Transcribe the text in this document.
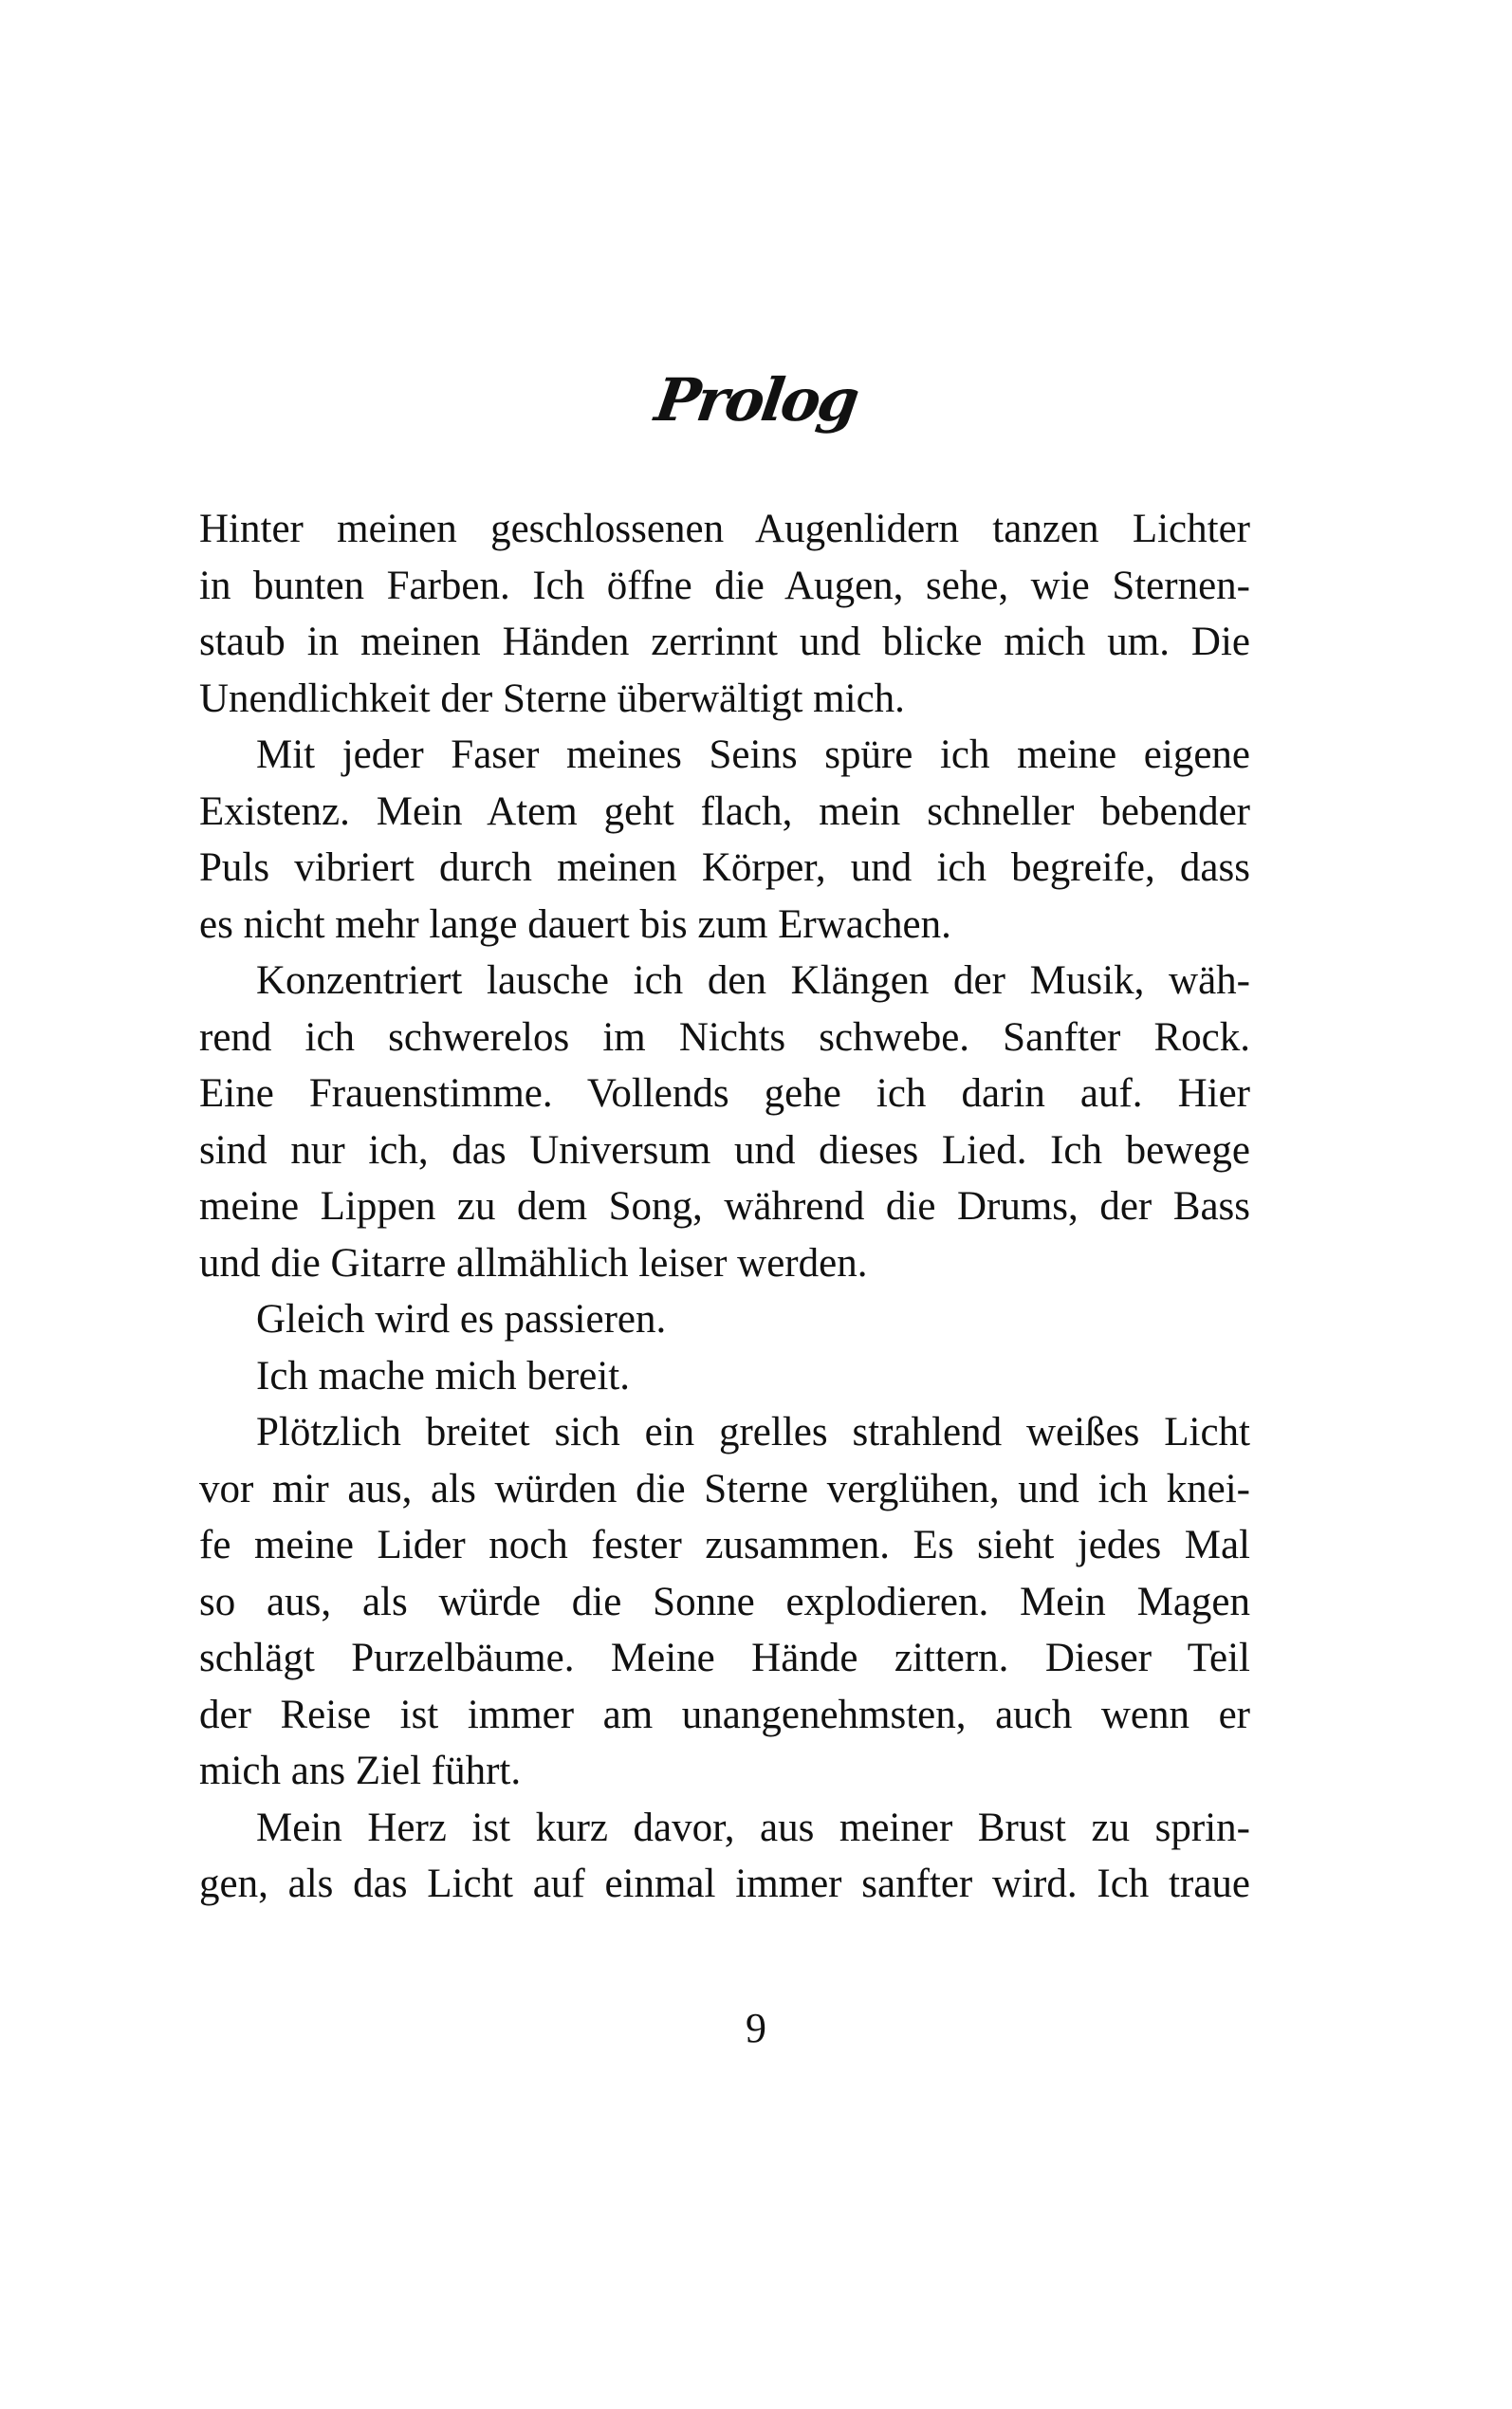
Prolog
Hinter meinen geschlossenen Augenlidern tanzen Lichter
in bunten Farben. Ich öffne die Augen, sehe, wie Sternen-
staub in meinen Händen zerrinnt und blicke mich um. Die
Unendlichkeit der Sterne überwältigt mich.
Mit jeder Faser meines Seins spüre ich meine eigene
Existenz. Mein Atem geht flach, mein schneller bebender
Puls vibriert durch meinen Körper, und ich begreife, dass
es nicht mehr lange dauert bis zum Erwachen.
Konzentriert lausche ich den Klängen der Musik, wäh-
rend ich schwerelos im Nichts schwebe. Sanfter Rock.
Eine Frauenstimme. Vollends gehe ich darin auf. Hier
sind nur ich, das Universum und dieses Lied. Ich bewege
meine Lippen zu dem Song, während die Drums, der Bass
und die Gitarre allmählich leiser werden.
Gleich wird es passieren.
Ich mache mich bereit.
Plötzlich breitet sich ein grelles strahlend weißes Licht
vor mir aus, als würden die Sterne verglühen, und ich knei-
fe meine Lider noch fester zusammen. Es sieht jedes Mal
so aus, als würde die Sonne explodieren. Mein Magen
schlägt Purzelbäume. Meine Hände zittern. Dieser Teil
der Reise ist immer am unangenehmsten, auch wenn er
mich ans Ziel führt.
Mein Herz ist kurz davor, aus meiner Brust zu sprin-
gen, als das Licht auf einmal immer sanfter wird. Ich traue
9
